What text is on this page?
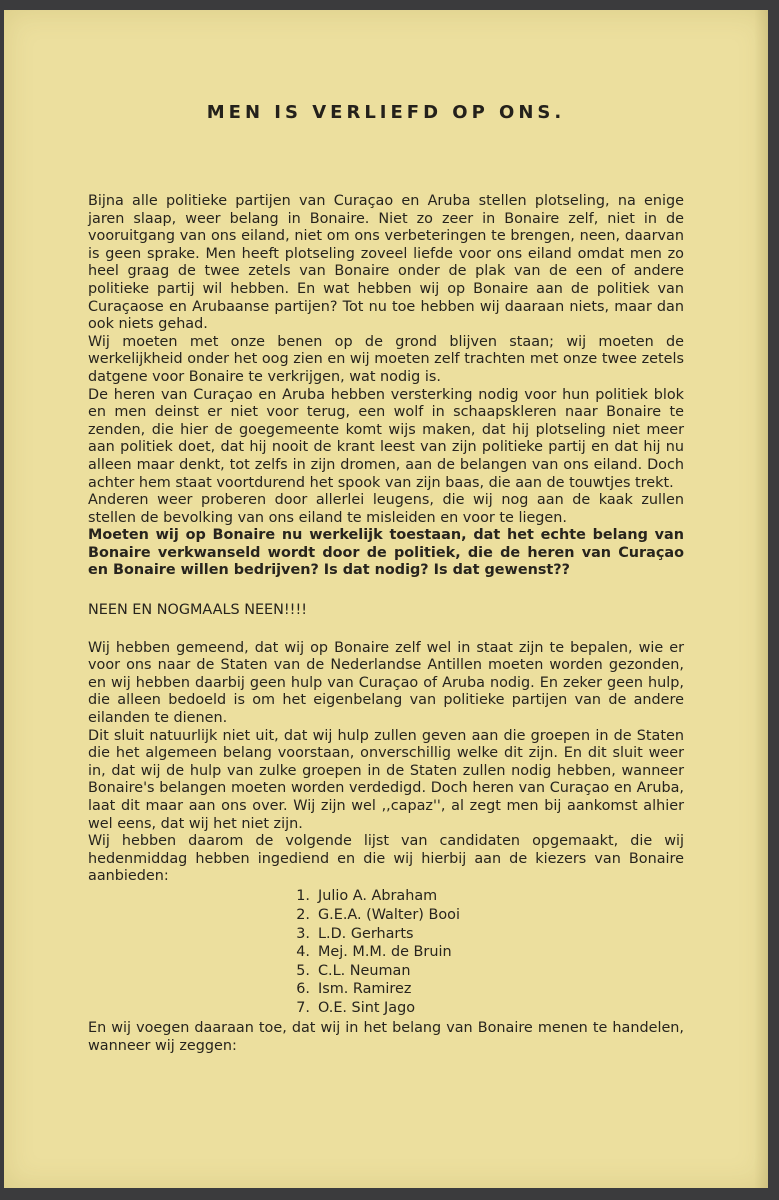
MEN IS VERLIEFD OP ONS.

Bijna alle politieke partijen van Curaçao en Aruba stellen plotseling, na enige jaren slaap, weer belang in Bonaire. Niet zo zeer in Bonaire zelf, niet in de vooruitgang van ons eiland, niet om ons verbeteringen te brengen, neen, daarvan is geen sprake. Men heeft plotseling zoveel liefde voor ons eiland omdat men zo heel graag de twee zetels van Bonaire onder de plak van de een of andere politieke partij wil hebben. En wat hebben wij op Bonaire aan de politiek van Curaçaose en Arubaanse partijen? Tot nu toe hebben wij daaraan niets, maar dan ook niets gehad.

Wij moeten met onze benen op de grond blijven staan; wij moeten de werkelijkheid onder het oog zien en wij moeten zelf trachten met onze twee zetels datgene voor Bonaire te verkrijgen, wat nodig is.

De heren van Curaçao en Aruba hebben versterking nodig voor hun politiek blok en men deinst er niet voor terug, een wolf in schaapskleren naar Bonaire te zenden, die hier de goegemeente komt wijs maken, dat hij plotseling niet meer aan politiek doet, dat hij nooit de krant leest van zijn politieke partij en dat hij nu alleen maar denkt, tot zelfs in zijn dromen, aan de belangen van ons eiland. Doch achter hem staat voortdurend het spook van zijn baas, die aan de touwtjes trekt.

Anderen weer proberen door allerlei leugens, die wij nog aan de kaak zullen stellen de bevolking van ons eiland te misleiden en voor te liegen.

Moeten wij op Bonaire nu werkelijk toestaan, dat het echte belang van Bonaire verkwanseld wordt door de politiek, die de heren van Curaçao en Bonaire willen bedrijven? Is dat nodig? Is dat gewenst??

NEEN EN NOGMAALS NEEN!!!!

Wij hebben gemeend, dat wij op Bonaire zelf wel in staat zijn te bepalen, wie er voor ons naar de Staten van de Nederlandse Antillen moeten worden gezonden, en wij hebben daarbij geen hulp van Curaçao of Aruba nodig. En zeker geen hulp, die alleen bedoeld is om het eigenbelang van politieke partijen van de andere eilanden te dienen.

Dit sluit natuurlijk niet uit, dat wij hulp zullen geven aan die groepen in de Staten die het algemeen belang voorstaan, onverschillig welke dit zijn. En dit sluit weer in, dat wij de hulp van zulke groepen in de Staten zullen nodig hebben, wanneer Bonaire's belangen moeten worden verdedigd. Doch heren van Curaçao en Aruba, laat dit maar aan ons over. Wij zijn wel ,,capaz'', al zegt men bij aankomst alhier wel eens, dat wij het niet zijn.

Wij hebben daarom de volgende lijst van candidaten opgemaakt, die wij hedenmiddag hebben ingediend en die wij hierbij aan de kiezers van Bonaire aanbieden:

1. Julio A. Abraham
2. G.E.A. (Walter) Booi
3. L.D. Gerharts
4. Mej. M.M. de Bruin
5. C.L. Neuman
6. Ism. Ramirez
7. O.E. Sint Jago

En wij voegen daaraan toe, dat wij in het belang van Bonaire menen te handelen, wanneer wij zeggen:
